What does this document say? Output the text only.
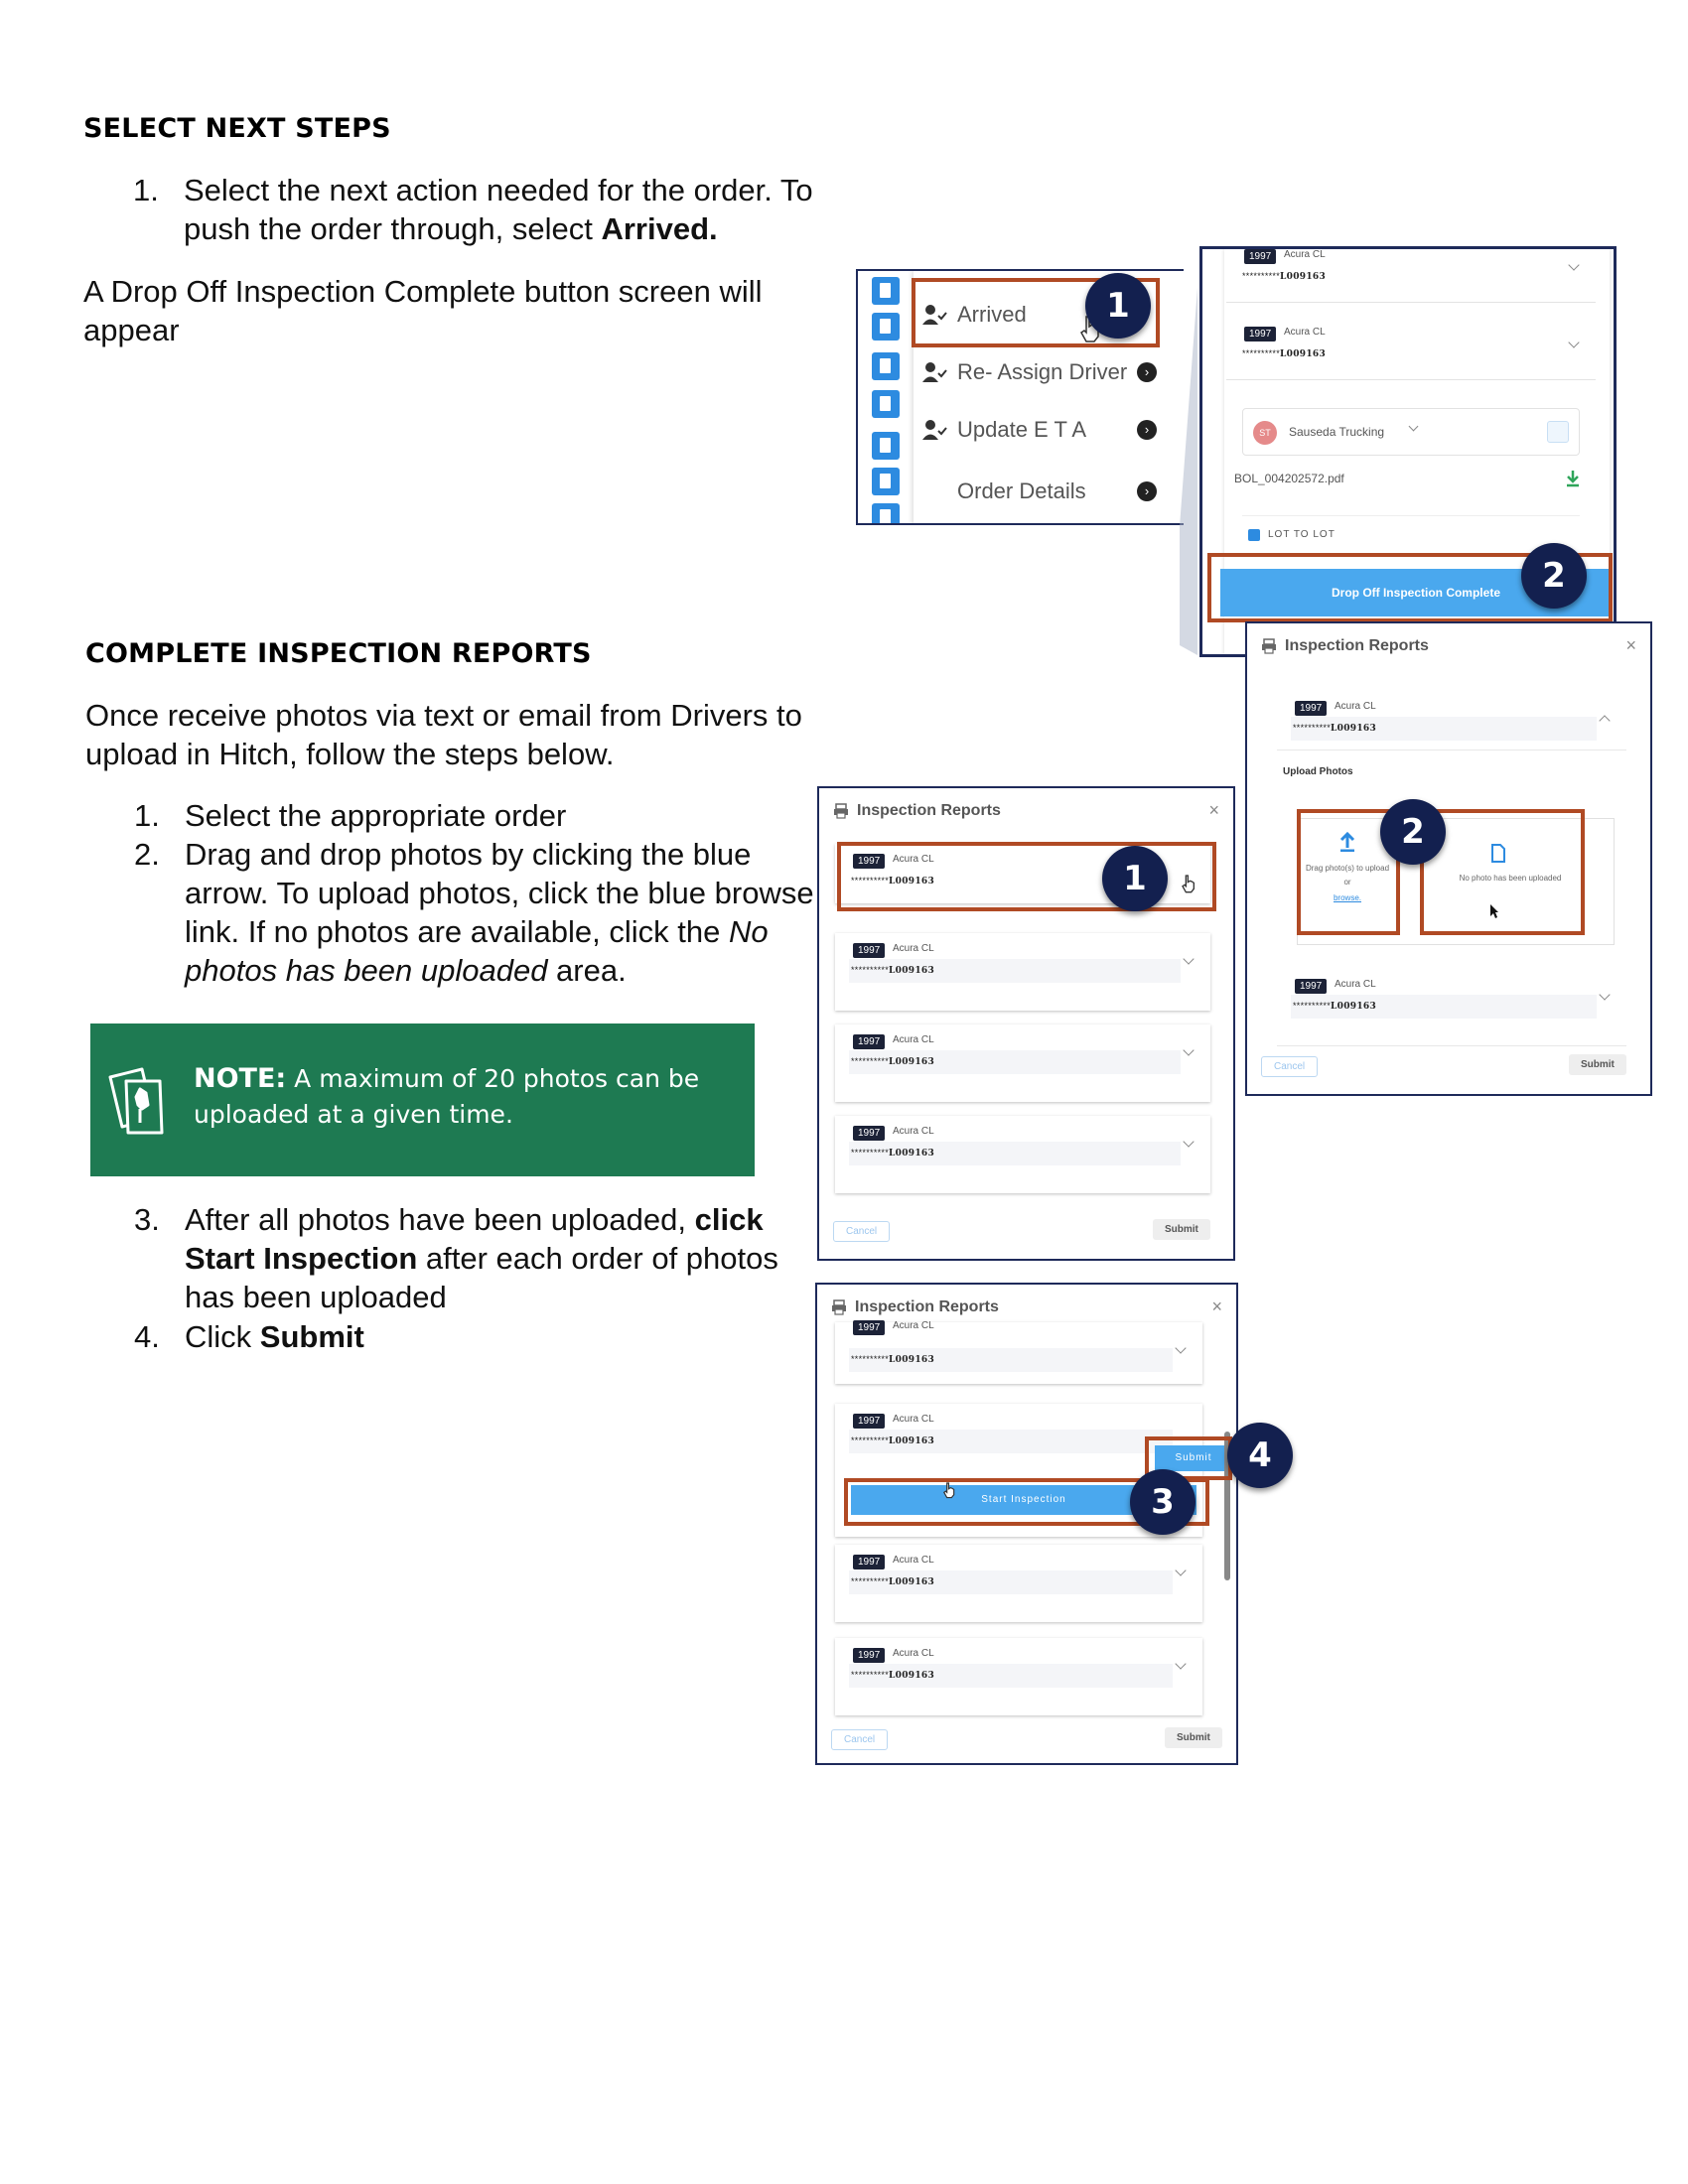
SELECT NEXT STEPS
1. Select the next action needed for the order. To push the order through, select Arrived.
A Drop Off Inspection Complete button screen will appear
COMPLETE INSPECTION REPORTS
Once receive photos via text or email from Drivers to upload in Hitch, follow the steps below.
1. Select the appropriate order
2. Drag and drop photos by clicking the blue arrow. To upload photos, click the blue browse link. If no photos are available, click the No photos has been uploaded area.
NOTE: A maximum of 20 photos can be uploaded at a given time.
3. After all photos have been uploaded, click Start Inspection after each order of photos has been uploaded
4. Click Submit
Arrived
Re- Assign Driver	›
Update E T A	›
Order Details	›
1
1997	Acura CL
**********L009163
1997	Acura CL
**********L009163
ST	Sauseda Trucking
BOL_004202572.pdf
LOT TO LOT
Drop Off Inspection Complete	2
Inspection Reports	×
1997	Acura CL
**********L009163
1997	Acura CL
**********L009163
1997	Acura CL
**********L009163
1997	Acura CL
**********L009163
Cancel	Submit
1
Inspection Reports	×
1997	Acura CL
**********L009163
Upload Photos
Drag photo(s) to upload or
browse.
No photo has been uploaded
1997	Acura CL
**********L009163
Cancel	Submit
2
Inspection Reports	×
1997	Acura CL
**********L009163
1997	Acura CL
**********L009163
Start Inspection
Submit
1997	Acura CL
**********L009163
1997	Acura CL
**********L009163
Cancel	Submit
3
4
